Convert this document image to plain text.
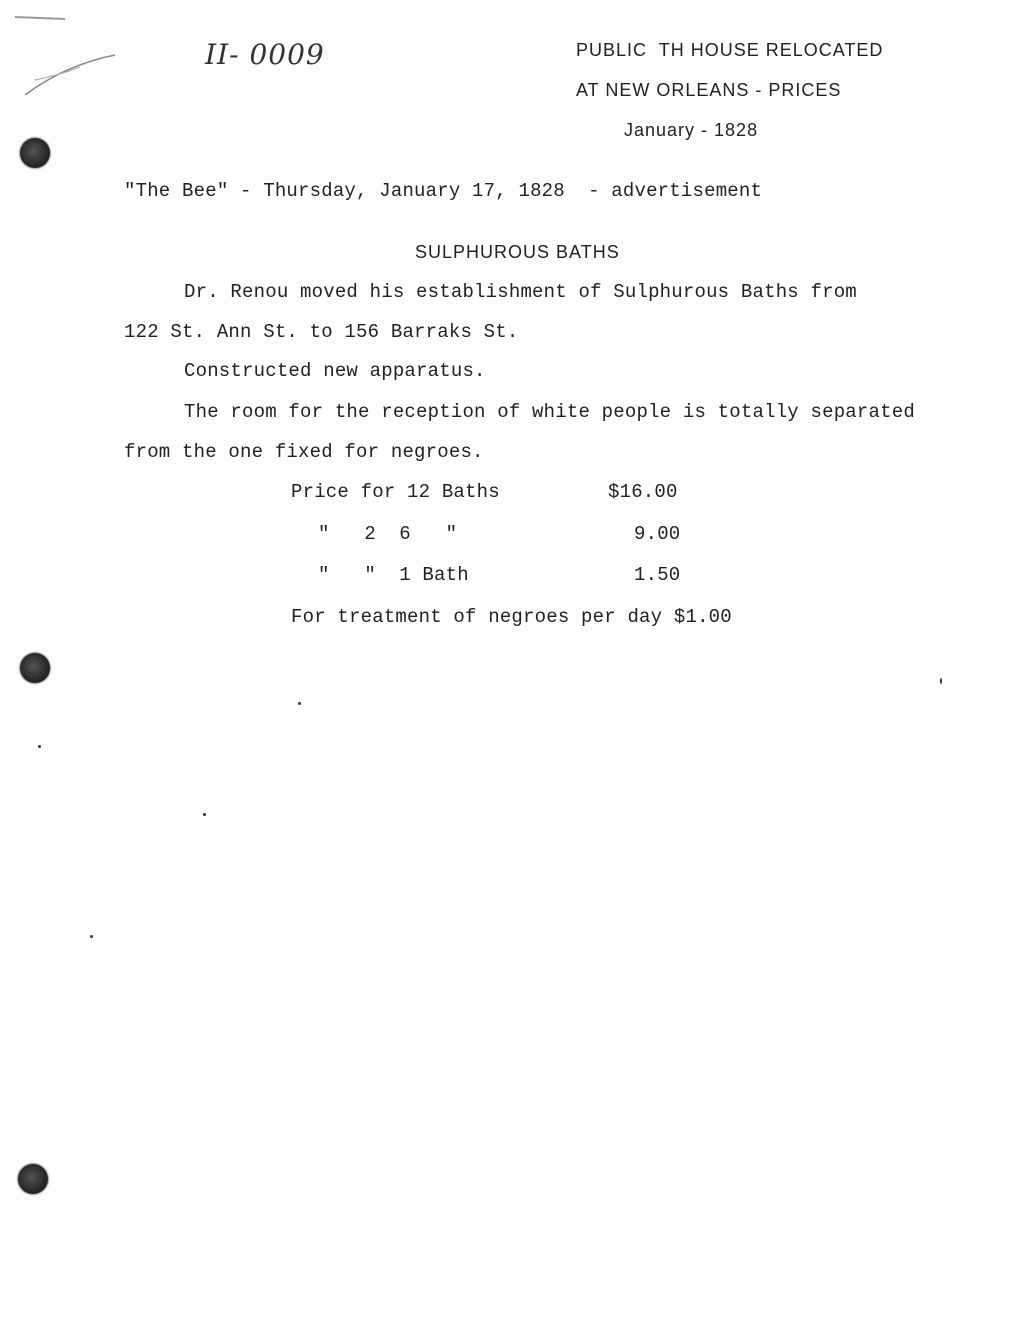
II- 0009	PUBLIC  TH HOUSE RELOCATED
AT NEW ORLEANS - PRICES
January - 1828
"The Bee" - Thursday, January 17, 1828  - advertisement
SULPHUROUS BATHS
Dr. Renou moved his establishment of Sulphurous Baths from
122 St. Ann St. to 156 Barraks St.
Constructed new apparatus.
The room for the reception of white people is totally separated
from the one fixed for negroes.
Price for 12 Baths	$16.00
"   2  6   "	9.00
"   "  1 Bath	1.50
For treatment of negroes per day $1.00
